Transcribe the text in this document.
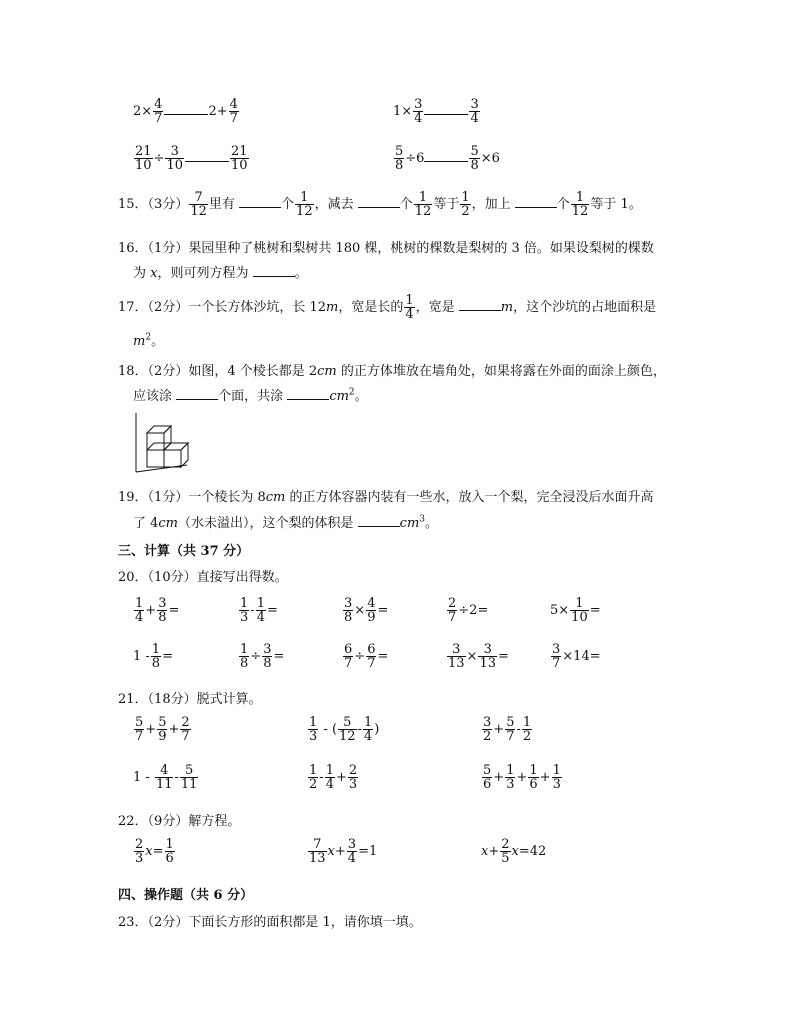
$2\times \frac{4}{7}$	$2+ \frac{4}{7}$	$1\times \frac{3}{4}$	$\frac{3}{4}$
$\frac{21}{10} \div \frac{3}{10}$	$\frac{21}{10}$	$\frac{5}{8} \div 6$	$\frac{5}{8} \times 6$
15．（3分） $\frac{7}{12}$ 里有	个 $\frac{1}{12}$ ，减去	个 $\frac{1}{12}$ 等于 $\frac{1}{2}$ ，加上	个 $\frac{1}{12}$ 等于 1。
16．（1分）果园里种了桃树和梨树共 180 棵，桃树的棵数是梨树的 3 倍。如果设梨树的棵数
为 x，则可列方程为	。
17．（2分）一个长方体沙坑，长 12m，宽是长的 $\frac{1}{4}$ ，宽是	m，这个沙坑的占地面积是
$m^2$。
18．（2分）如图，4 个棱长都是 2cm 的正方体堆放在墙角处，如果将露在外面的面涂上颜色，
应该涂	个面，共涂	$cm^2$。
19．（1分）一个棱长为 8cm 的正方体容器内装有一些水，放入一个梨，完全浸没后水面升高
了 4cm（水未溢出），这个梨的体积是	$cm^3$。
三、计算（共 37 分）
20．（10分）直接写出得数。
$\frac{1}{4} + \frac{3}{8}$ =	$\frac{1}{3} - \frac{1}{4}$ =	$\frac{3}{8} \times \frac{4}{9}$ =	$\frac{2}{7} \div 2=$	$5\times \frac{1}{10}$ =
$1 - \frac{1}{8}$ =	$\frac{1}{8} \div \frac{3}{8}$ =	$\frac{6}{7} \div \frac{6}{7}$ =	$\frac{3}{13} \times \frac{3}{13}$ =	$\frac{3}{7} \times 14=$
21．（18分）脱式计算。
$\frac{5}{7} + \frac{5}{9} + \frac{2}{7}$	$\frac{1}{3}$ - ( $\frac{5}{12} - \frac{1}{4}$ )	$\frac{3}{2} + \frac{5}{7} - \frac{1}{2}$
$1 - \frac{4}{11} - \frac{5}{11}$	$\frac{1}{2} - \frac{1}{4} + \frac{2}{3}$	$\frac{5}{6} + \frac{1}{3} + \frac{1}{6} + \frac{1}{3}$
22．（9分）解方程。
$\frac{2}{3} x= \frac{1}{6}$	$\frac{7}{13} x+ \frac{3}{4} =1$	$x+ \frac{2}{5} x=42$
四、操作题（共 6 分）
23．（2分）下面长方形的面积都是 1，请你填一填。
